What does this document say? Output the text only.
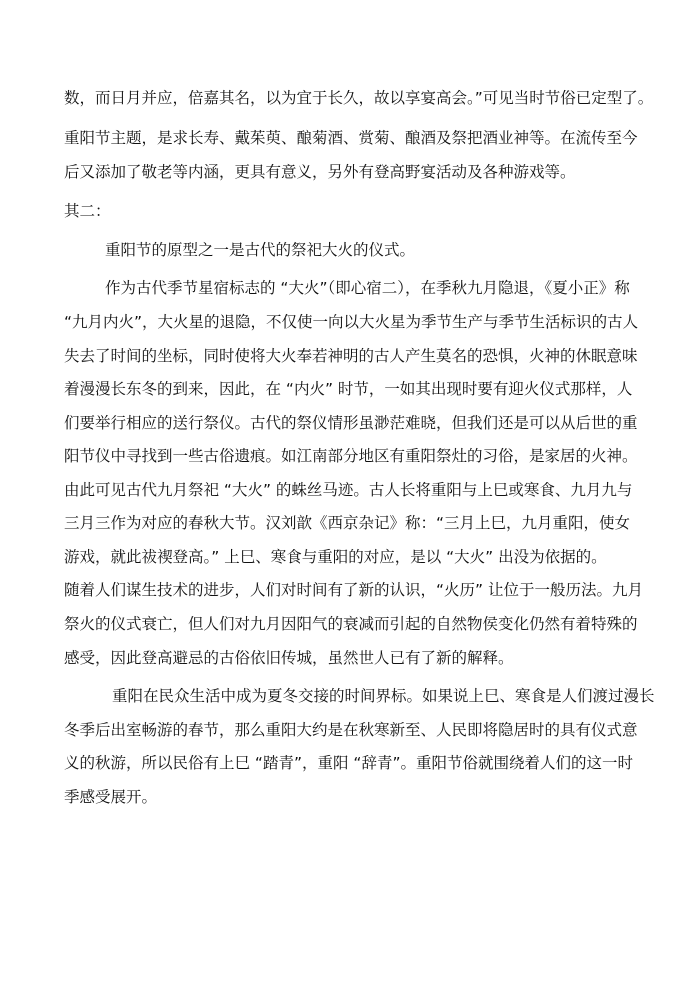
数，而日月并应，倍嘉其名，以为宜于长久，故以享宴高会。”可见当时节俗已定型了。
重阳节主题，是求长寿、戴茱萸、酿菊酒、赏菊、酿酒及祭把酒业神等。在流传至今
后又添加了敬老等内涵，更具有意义，另外有登高野宴活动及各种游戏等。
其二：
重阳节的原型之一是古代的祭祀大火的仪式。
作为古代季节星宿标志的 “大火”（即心宿二），在季秋九月隐退，《夏小正》称
“九月内火”，大火星的退隐，不仅使一向以大火星为季节生产与季节生活标识的古人
失去了时间的坐标，同时使将大火奉若神明的古人产生莫名的恐惧，火神的休眠意味
着漫漫长东冬的到来，因此，在 “内火” 时节，一如其出现时要有迎火仪式那样，人
们要举行相应的送行祭仪。古代的祭仪情形虽渺茫难晓，但我们还是可以从后世的重
阳节仪中寻找到一些古俗遗痕。如江南部分地区有重阳祭灶的习俗，是家居的火神。
由此可见古代九月祭祀 “大火” 的蛛丝马迹。古人长将重阳与上巳或寒食、九月九与
三月三作为对应的春秋大节。汉刘歆《西京杂记》称：“三月上巳，九月重阳，使女
游戏，就此祓禊登高。” 上巳、寒食与重阳的对应，是以 “大火” 出没为依据的。
随着人们谋生技术的进步，人们对时间有了新的认识，“火历” 让位于一般历法。九月
祭火的仪式衰亡，但人们对九月因阳气的衰减而引起的自然物侯变化仍然有着特殊的
感受，因此登高避忌的古俗依旧传城，虽然世人已有了新的解释。
重阳在民众生活中成为夏冬交接的时间界标。如果说上巳、寒食是人们渡过漫长
冬季后出室畅游的春节，那么重阳大约是在秋寒新至、人民即将隐居时的具有仪式意
义的秋游，所以民俗有上巳 “踏青”，重阳 “辞青”。重阳节俗就围绕着人们的这一时
季感受展开。
